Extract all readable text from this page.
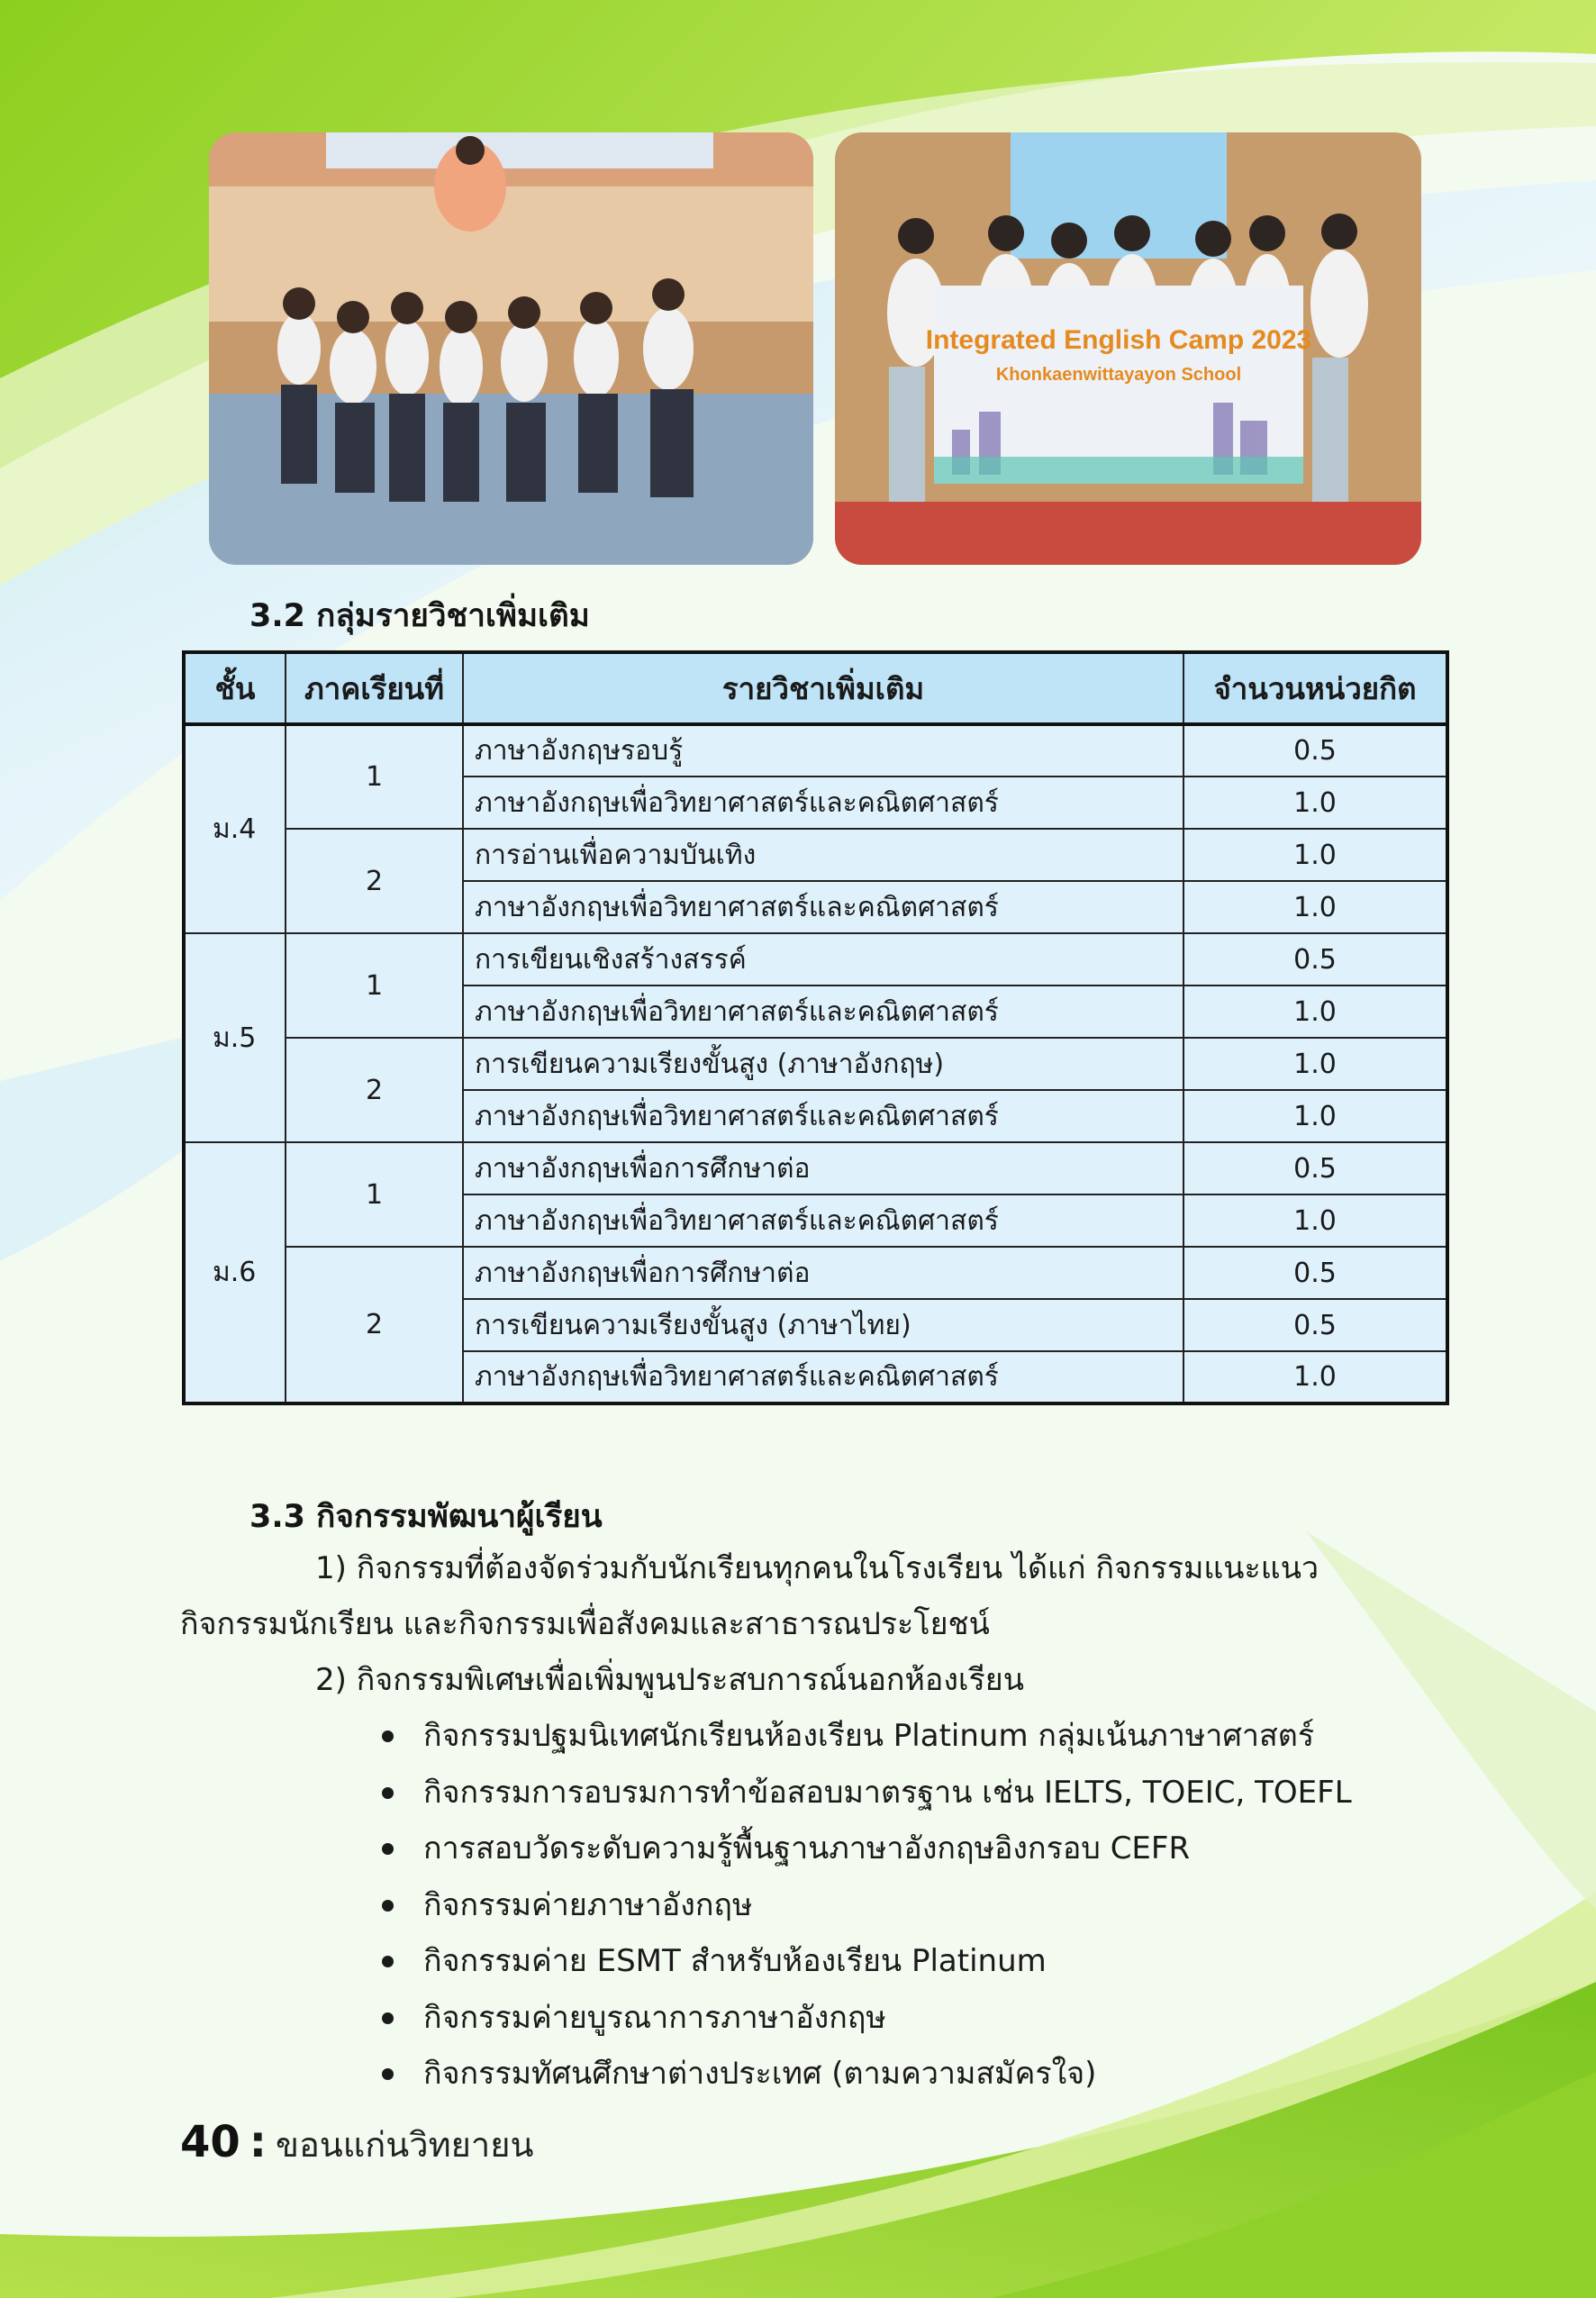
Integrated English Camp 2023
Khonkaenwittayayon School
3.2 กลุ่มรายวิชาเพิ่มเติม
ชั้น	ภาคเรียนที่	รายวิชาเพิ่มเติม	จำนวนหน่วยกิต
ม.4	1	ภาษาอังกฤษรอบรู้	0.5
		ภาษาอังกฤษเพื่อวิทยาศาสตร์และคณิตศาสตร์	1.0
	2	การอ่านเพื่อความบันเทิง	1.0
		ภาษาอังกฤษเพื่อวิทยาศาสตร์และคณิตศาสตร์	1.0
ม.5	1	การเขียนเชิงสร้างสรรค์	0.5
		ภาษาอังกฤษเพื่อวิทยาศาสตร์และคณิตศาสตร์	1.0
	2	การเขียนความเรียงขั้นสูง (ภาษาอังกฤษ)	1.0
		ภาษาอังกฤษเพื่อวิทยาศาสตร์และคณิตศาสตร์	1.0
ม.6	1	ภาษาอังกฤษเพื่อการศึกษาต่อ	0.5
		ภาษาอังกฤษเพื่อวิทยาศาสตร์และคณิตศาสตร์	1.0
	2	ภาษาอังกฤษเพื่อการศึกษาต่อ	0.5
		การเขียนความเรียงขั้นสูง (ภาษาไทย)	0.5
		ภาษาอังกฤษเพื่อวิทยาศาสตร์และคณิตศาสตร์	1.0
3.3 กิจกรรมพัฒนาผู้เรียน

1) กิจกรรมที่ต้องจัดร่วมกับนักเรียนทุกคนในโรงเรียน ได้แก่ กิจกรรมแนะแนว

กิจกรรมนักเรียน และกิจกรรมเพื่อสังคมและสาธารณประโยชน์

2) กิจกรรมพิเศษเพื่อเพิ่มพูนประสบการณ์นอกห้องเรียน

กิจกรรมปฐมนิเทศนักเรียนห้องเรียน Platinum กลุ่มเน้นภาษาศาสตร์
กิจกรรมการอบรมการทำข้อสอบมาตรฐาน เช่น IELTS, TOEIC, TOEFL
การสอบวัดระดับความรู้พื้นฐานภาษาอังกฤษอิงกรอบ CEFR
กิจกรรมค่ายภาษาอังกฤษ
กิจกรรมค่าย ESMT สำหรับห้องเรียน Platinum
กิจกรรมค่ายบูรณาการภาษาอังกฤษ
กิจกรรมทัศนศึกษาต่างประเทศ (ตามความสมัครใจ)
40 : ขอนแก่นวิทยายน
